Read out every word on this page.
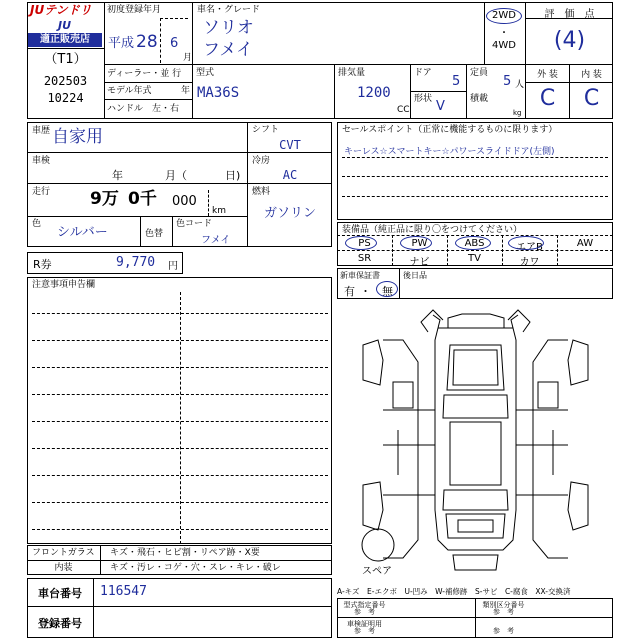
JUテンドリ
JU
適正販売店
（T1）
202503
10224
初度登録年月
平成 28 6
月
車名・グレード
ソリオ
フメイ
2WD
・
4WD
評　価　点
(4)
ディーラー・並 行
モデル年式	年
ハンドル　左・右
型式
MA36S
排気量
1200
CC
ドア
5
形状 V
定員
5 人
積載
kg
外 装	内 装
C	C
車歴 自家用
車検
年	月（	日)
走行 9万 0千 000
km
色
シルバー	色替
色コード
フメイ
シフト
CVT
冷房
AC
燃料
ガソリン
R券	9,770 円
注意事項申告欄
セールスポイント（正常に機能するものに限ります）
キーレス☆スマートキー☆パワースライドドア(左側)
装備品（純正品に限り〇をつけてください）
PS	PW	ABS	エアB	AW
SR	ナビ	TV	カワ
新車保証書
有 ・ 無
後日品
スペア
フロントガラス キズ・飛石・ヒビ割・リペア跡・X要
内装	キズ・汚レ・コゲ・穴・スレ・キレ・破レ
車台番号	116547
登録番号
A-キズ　E-エクボ　U-凹み　W-補修跡　S-サビ　C-腐食　XX-交換済
型式指定番号
参　考
類別区分番号
参　考
車検証明用
参　考	参　考
